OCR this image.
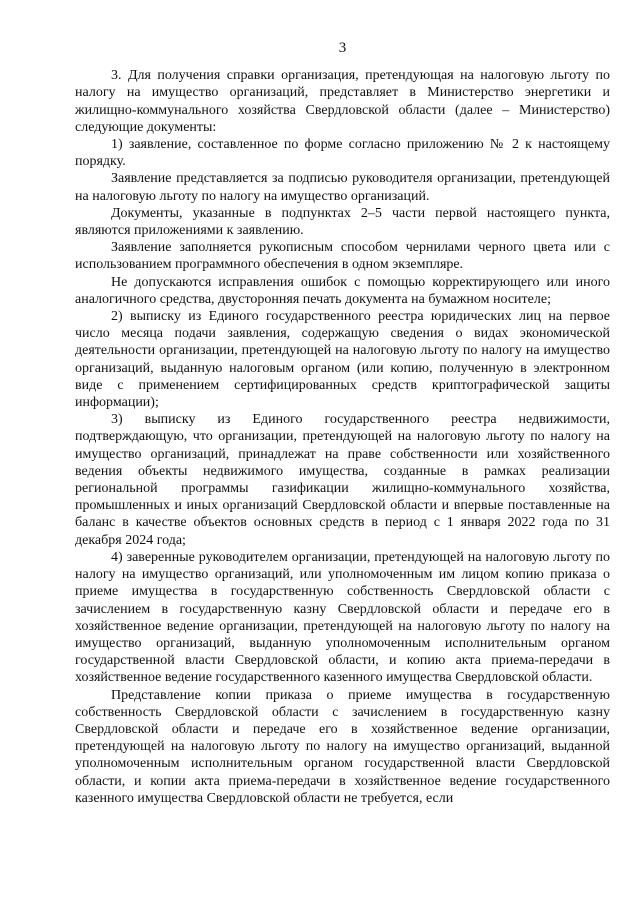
3

3. Для получения справки организация, претендующая на налоговую льготу по налогу на имущество организаций, представляет в Министерство энергетики и жилищно-коммунального хозяйства Свердловской области (далее – Министерство) следующие документы:

1) заявление, составленное по форме согласно приложению № 2 к настоящему порядку.

Заявление представляется за подписью руководителя организации, претендующей на налоговую льготу по налогу на имущество организаций.

Документы, указанные в подпунктах 2–5 части первой настоящего пункта, являются приложениями к заявлению.

Заявление заполняется рукописным способом чернилами черного цвета или с использованием программного обеспечения в одном экземпляре.

Не допускаются исправления ошибок с помощью корректирующего или иного аналогичного средства, двусторонняя печать документа на бумажном носителе;

2) выписку из Единого государственного реестра юридических лиц на первое число месяца подачи заявления, содержащую сведения о видах экономической деятельности организации, претендующей на налоговую льготу по налогу на имущество организаций, выданную налоговым органом (или копию, полученную в электронном виде с применением сертифицированных средств криптографической защиты информации);

3) выписку из Единого государственного реестра недвижимости, подтверждающую, что организации, претендующей на налоговую льготу по налогу на имущество организаций, принадлежат на праве собственности или хозяйственного ведения объекты недвижимого имущества, созданные в рамках реализации региональной программы газификации жилищно-коммунального хозяйства, промышленных и иных организаций Свердловской области и впервые поставленные на баланс в качестве объектов основных средств в период с 1 января 2022 года по 31 декабря 2024 года;

4) заверенные руководителем организации, претендующей на налоговую льготу по налогу на имущество организаций, или уполномоченным им лицом копию приказа о приеме имущества в государственную собственность Свердловской области с зачислением в государственную казну Свердловской области и передаче его в хозяйственное ведение организации, претендующей на налоговую льготу по налогу на имущество организаций, выданную уполномоченным исполнительным органом государственной власти Свердловской области, и копию акта приема-передачи в хозяйственное ведение государственного казенного имущества Свердловской области.

Представление копии приказа о приеме имущества в государственную собственность Свердловской области с зачислением в государственную казну Свердловской области и передаче его в хозяйственное ведение организации, претендующей на налоговую льготу по налогу на имущество организаций, выданной уполномоченным исполнительным органом государственной власти Свердловской области, и копии акта приема-передачи в хозяйственное ведение государственного казенного имущества Свердловской области не требуется, если
